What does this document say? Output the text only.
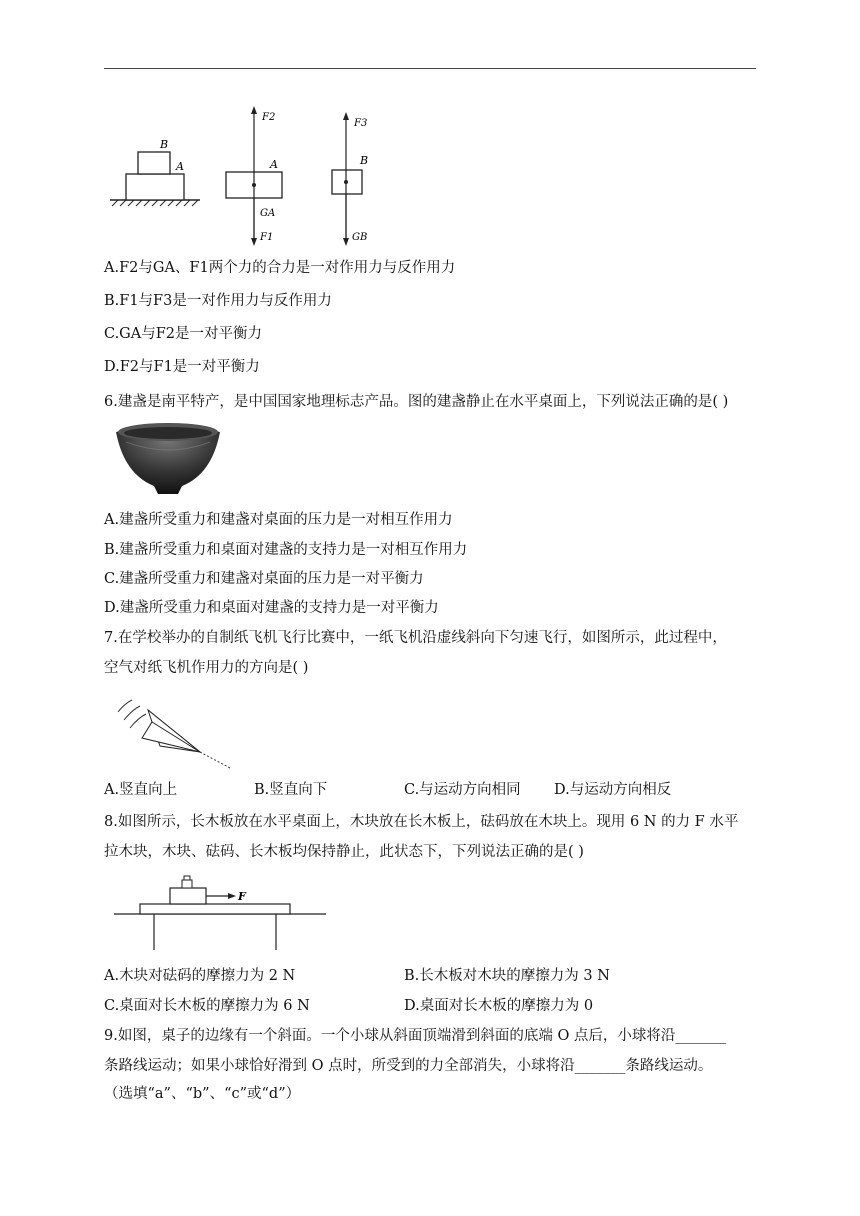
B
A
F2
A
GA
F1
F3
B
GB
A.F2与GA、F1两个力的合力是一对作用力与反作用力
B.F1与F3是一对作用力与反作用力
C.GA与F2是一对平衡力
D.F2与F1是一对平衡力
6.建盏是南平特产，是中国国家地理标志产品。图的建盏静止在水平桌面上，下列说法正确的是( )
A.建盏所受重力和建盏对桌面的压力是一对相互作用力
B.建盏所受重力和桌面对建盏的支持力是一对相互作用力
C.建盏所受重力和建盏对桌面的压力是一对平衡力
D.建盏所受重力和桌面对建盏的支持力是一对平衡力
7.在学校举办的自制纸飞机飞行比赛中，一纸飞机沿虚线斜向下匀速飞行，如图所示，此过程中，
空气对纸飞机作用力的方向是( )
A.竖直向上	B.竖直向下	C.与运动方向相同 D.与运动方向相反
8.如图所示，长木板放在水平桌面上，木块放在长木板上，砝码放在木块上。现用 6 N 的力 F 水平
拉木块，木块、砝码、长木板均保持静止，此状态下，下列说法正确的是( )
F
A.木块对砝码的摩擦力为 2 N	B.长木板对木块的摩擦力为 3 N
C.桌面对长木板的摩擦力为 6 N	D.桌面对长木板的摩擦力为 0
9.如图，桌子的边缘有一个斜面。一个小球从斜面顶端滑到斜面的底端 O 点后，小球将沿_______
条路线运动；如果小球恰好滑到 O 点时，所受到的力全部消失，小球将沿_______条路线运动。
（选填“a”、“b”、“c”或“d”）
